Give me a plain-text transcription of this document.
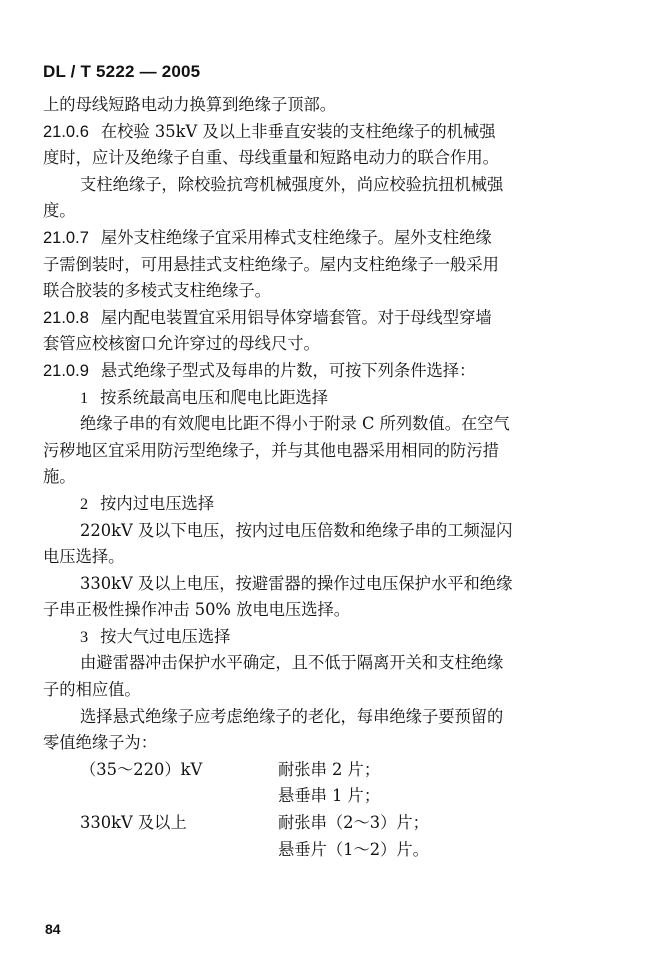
DL / T 5222 — 2005
上的母线短路电动力换算到绝缘子顶部。
21.0.6 在校验 35kV 及以上非垂直安装的支柱绝缘子的机械强
度时，应计及绝缘子自重、母线重量和短路电动力的联合作用。
支柱绝缘子，除校验抗弯机械强度外，尚应校验抗扭机械强
度。
21.0.7 屋外支柱绝缘子宜采用棒式支柱绝缘子。屋外支柱绝缘
子需倒装时，可用悬挂式支柱绝缘子。屋内支柱绝缘子一般采用
联合胶装的多棱式支柱绝缘子。
21.0.8 屋内配电装置宜采用铝导体穿墙套管。对于母线型穿墙
套管应校核窗口允许穿过的母线尺寸。
21.0.9 悬式绝缘子型式及每串的片数，可按下列条件选择：
1 按系统最高电压和爬电比距选择
绝缘子串的有效爬电比距不得小于附录 C 所列数值。在空气
污秽地区宜采用防污型绝缘子，并与其他电器采用相同的防污措
施。
2 按内过电压选择
220kV 及以下电压，按内过电压倍数和绝缘子串的工频湿闪
电压选择。
330kV 及以上电压，按避雷器的操作过电压保护水平和绝缘
子串正极性操作冲击 50% 放电电压选择。
3 按大气过电压选择
由避雷器冲击保护水平确定，且不低于隔离开关和支柱绝缘
子的相应值。
选择悬式绝缘子应考虑绝缘子的老化，每串绝缘子要预留的
零值绝缘子为：
（35～220）kV	耐张串 2 片；
悬垂串 1 片；
330kV 及以上	耐张串（2～3）片；
悬垂片（1～2）片。
84
